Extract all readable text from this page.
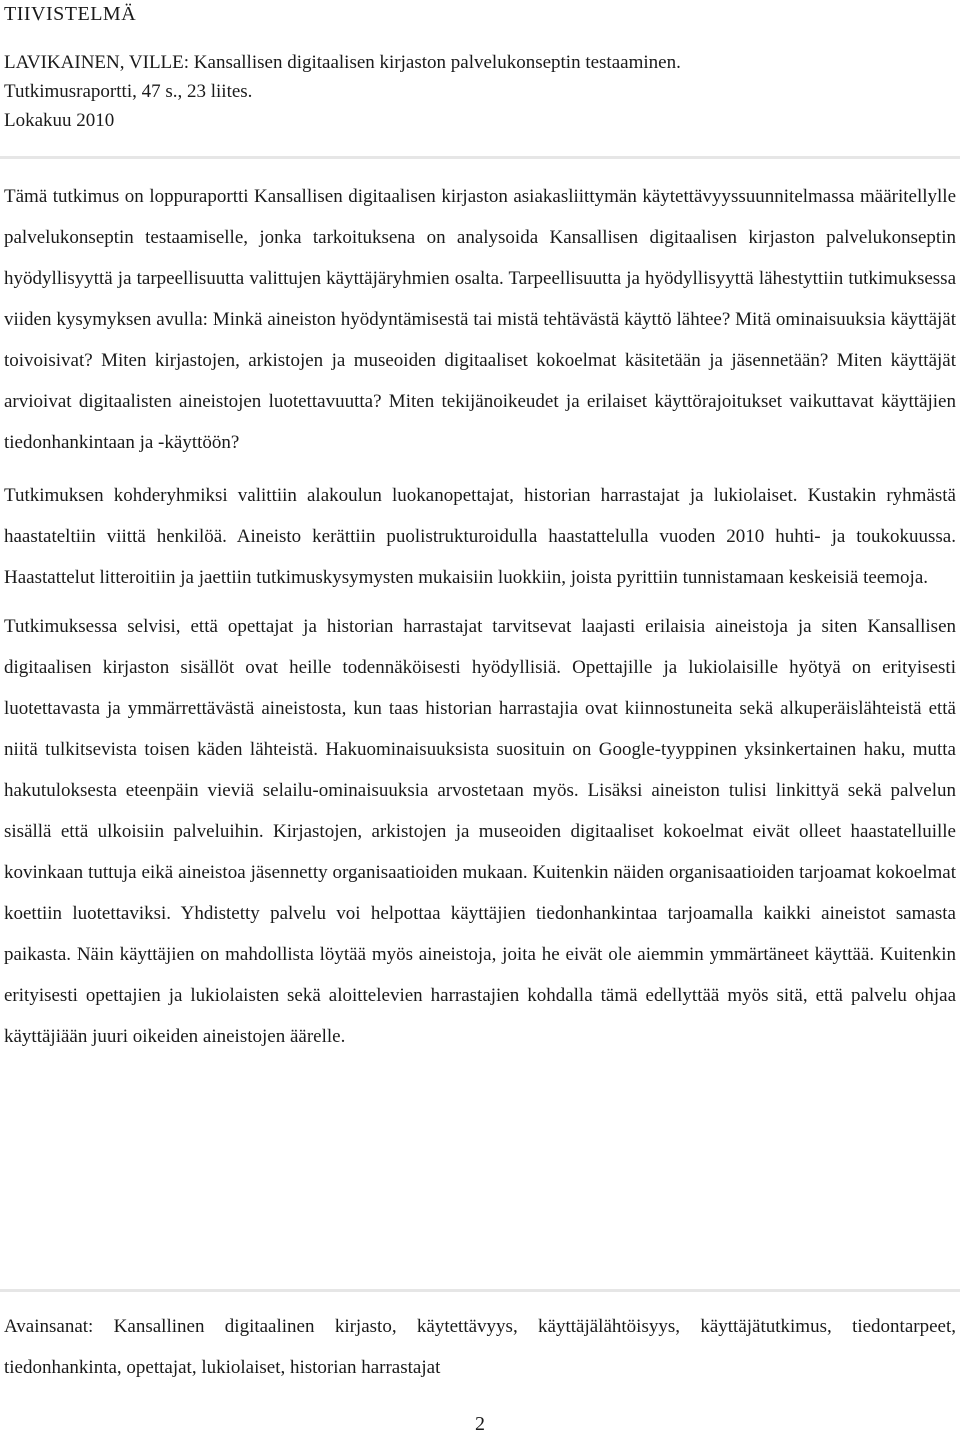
TIIVISTELMÄ
LAVIKAINEN, VILLE: Kansallisen digitaalisen kirjaston palvelukonseptin testaaminen.
Tutkimusraportti, 47 s., 23 liites.
Lokakuu 2010

Tämä tutkimus on loppuraportti Kansallisen digitaalisen kirjaston asiakasliittymän käytettävyyssuunnitelmassa määritellylle palvelukonseptin testaamiselle, jonka tarkoituksena on analysoida Kansallisen digitaalisen kirjaston palvelukonseptin hyödyllisyyttä ja tarpeellisuutta valittujen käyttäjäryhmien osalta. Tarpeellisuutta ja hyödyllisyyttä lähestyttiin tutkimuksessa viiden kysymyksen avulla: Minkä aineiston hyödyntämisestä tai mistä tehtävästä käyttö lähtee? Mitä ominaisuuksia käyttäjät toivoisivat? Miten kirjastojen, arkistojen ja museoiden digitaaliset kokoelmat käsitetään ja jäsennetään? Miten käyttäjät arvioivat digitaalisten aineistojen luotettavuutta? Miten tekijänoikeudet ja erilaiset käyttörajoitukset vaikuttavat käyttäjien tiedonhankintaan ja -käyttöön?

Tutkimuksen kohderyhmiksi valittiin alakoulun luokanopettajat, historian harrastajat ja lukiolaiset. Kustakin ryhmästä haastateltiin viittä henkilöä. Aineisto kerättiin puolistrukturoidulla haastattelulla vuoden 2010 huhti- ja toukokuussa. Haastattelut litteroitiin ja jaettiin tutkimuskysymysten mukaisiin luokkiin, joista pyrittiin tunnistamaan keskeisiä teemoja.

Tutkimuksessa selvisi, että opettajat ja historian harrastajat tarvitsevat laajasti erilaisia aineistoja ja siten Kansallisen digitaalisen kirjaston sisällöt ovat heille todennäköisesti hyödyllisiä. Opettajille ja lukiolaisille hyötyä on erityisesti luotettavasta ja ymmärrettävästä aineistosta, kun taas historian harrastajia ovat kiinnostuneita sekä alkuperäislähteistä että niitä tulkitsevista toisen käden lähteistä. Hakuominaisuuksista suosituin on Google-tyyppinen yksinkertainen haku, mutta hakutuloksesta eteenpäin vieviä selailu-ominaisuuksia arvostetaan myös. Lisäksi aineiston tulisi linkittyä sekä palvelun sisällä että ulkoisiin palveluihin. Kirjastojen, arkistojen ja museoiden digitaaliset kokoelmat eivät olleet haastatelluille kovinkaan tuttuja eikä aineistoa jäsennetty organisaatioiden mukaan. Kuitenkin näiden organisaatioiden tarjoamat kokoelmat koettiin luotettaviksi. Yhdistetty palvelu voi helpottaa käyttäjien tiedonhankintaa tarjoamalla kaikki aineistot samasta paikasta. Näin käyttäjien on mahdollista löytää myös aineistoja, joita he eivät ole aiemmin ymmärtäneet käyttää. Kuitenkin erityisesti opettajien ja lukiolaisten sekä aloittelevien harrastajien kohdalla tämä edellyttää myös sitä, että palvelu ohjaa käyttäjiään juuri oikeiden aineistojen äärelle.

Avainsanat: Kansallinen digitaalinen kirjasto, käytettävyys, käyttäjälähtöisyys, käyttäjätutkimus, tiedontarpeet, tiedonhankinta, opettajat, lukiolaiset, historian harrastajat
2
